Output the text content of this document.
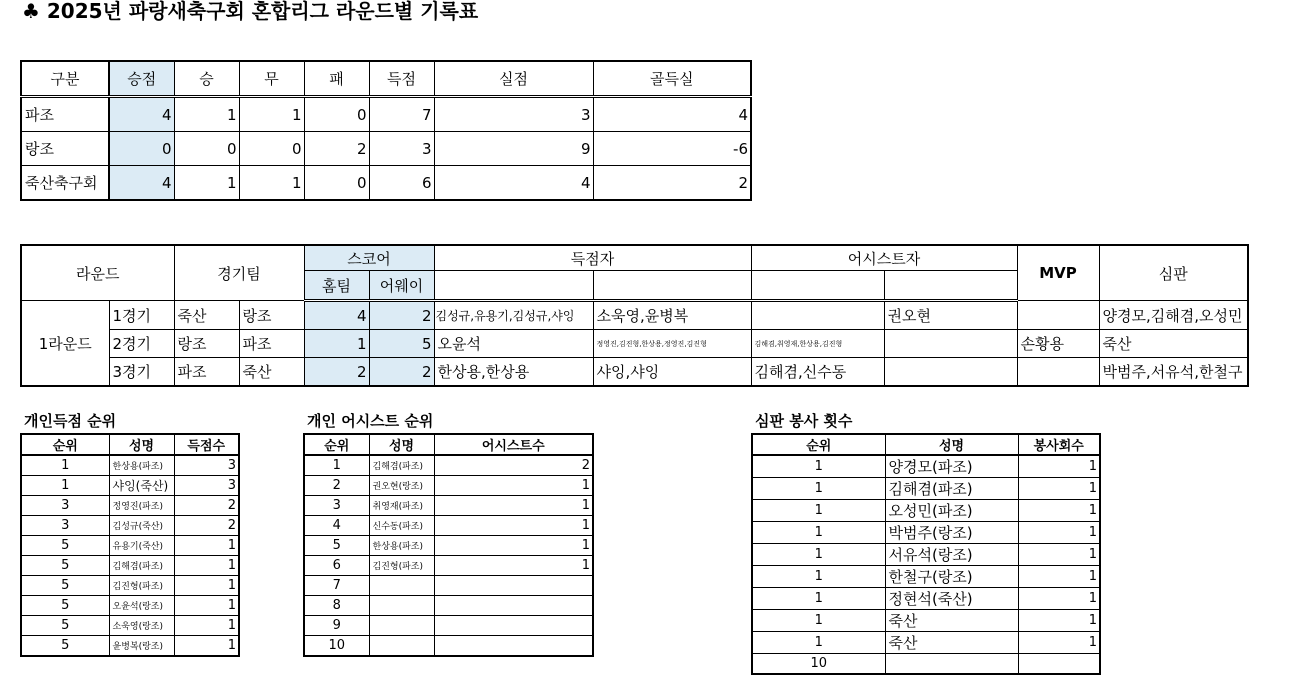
♣ 2025년 파랑새축구회 혼합리그 라운드별 기록표
구분	승점	승	무	패	득점	실점	골득실
파조	4	1	1	0	7	3	4
랑조	0	0	0	2	3	9	-6
죽산축구회	4	1	1	0	6	4	2
라운드		경기팀		스코어		득점자		어시스트자		MVP	심판
				홈팀	어웨이						
1라운드	1경기	죽산	랑조	4	2	김성규,유용기,김성규,샤잉	소욱영,윤병복		권오현		양경모,김해겸,오성민
	2경기	랑조	파조	1	5	오윤석	정영진,김진형,한상용,정영진,김진형	김해겸,취영재,한상용,김진형		손황용	죽산
	3경기	파조	죽산	2	2	한상용,한상용	샤잉,샤잉	김해겸,신수동			박범주,서유석,한철구
개인득점 순위	개인 어시스트 순위	심판 봉사 횟수
순위	성명	득점수
1	한상용(파조)	3
1	샤잉(죽산)	3
3	정영진(파조)	2
3	김성규(죽산)	2
5	유용기(죽산)	1
5	김해겸(파조)	1
5	김진형(파조)	1
5	오윤석(랑조)	1
5	소욱영(랑조)	1
5	윤병복(랑조)	1
순위	성명	어시스트수
1	김해겸(파조)	2
2	권오현(랑조)	1
3	취영재(파조)	1
4	신수동(파조)	1
5	한상용(파조)	1
6	김진형(파조)	1
7		
8		
9		
10		
순위	성명	봉사회수
1	양경모(파조)	1
1	김해겸(파조)	1
1	오성민(파조)	1
1	박범주(랑조)	1
1	서유석(랑조)	1
1	한철구(랑조)	1
1	정현석(죽산)	1
1	죽산	1
1	죽산	1
10		
